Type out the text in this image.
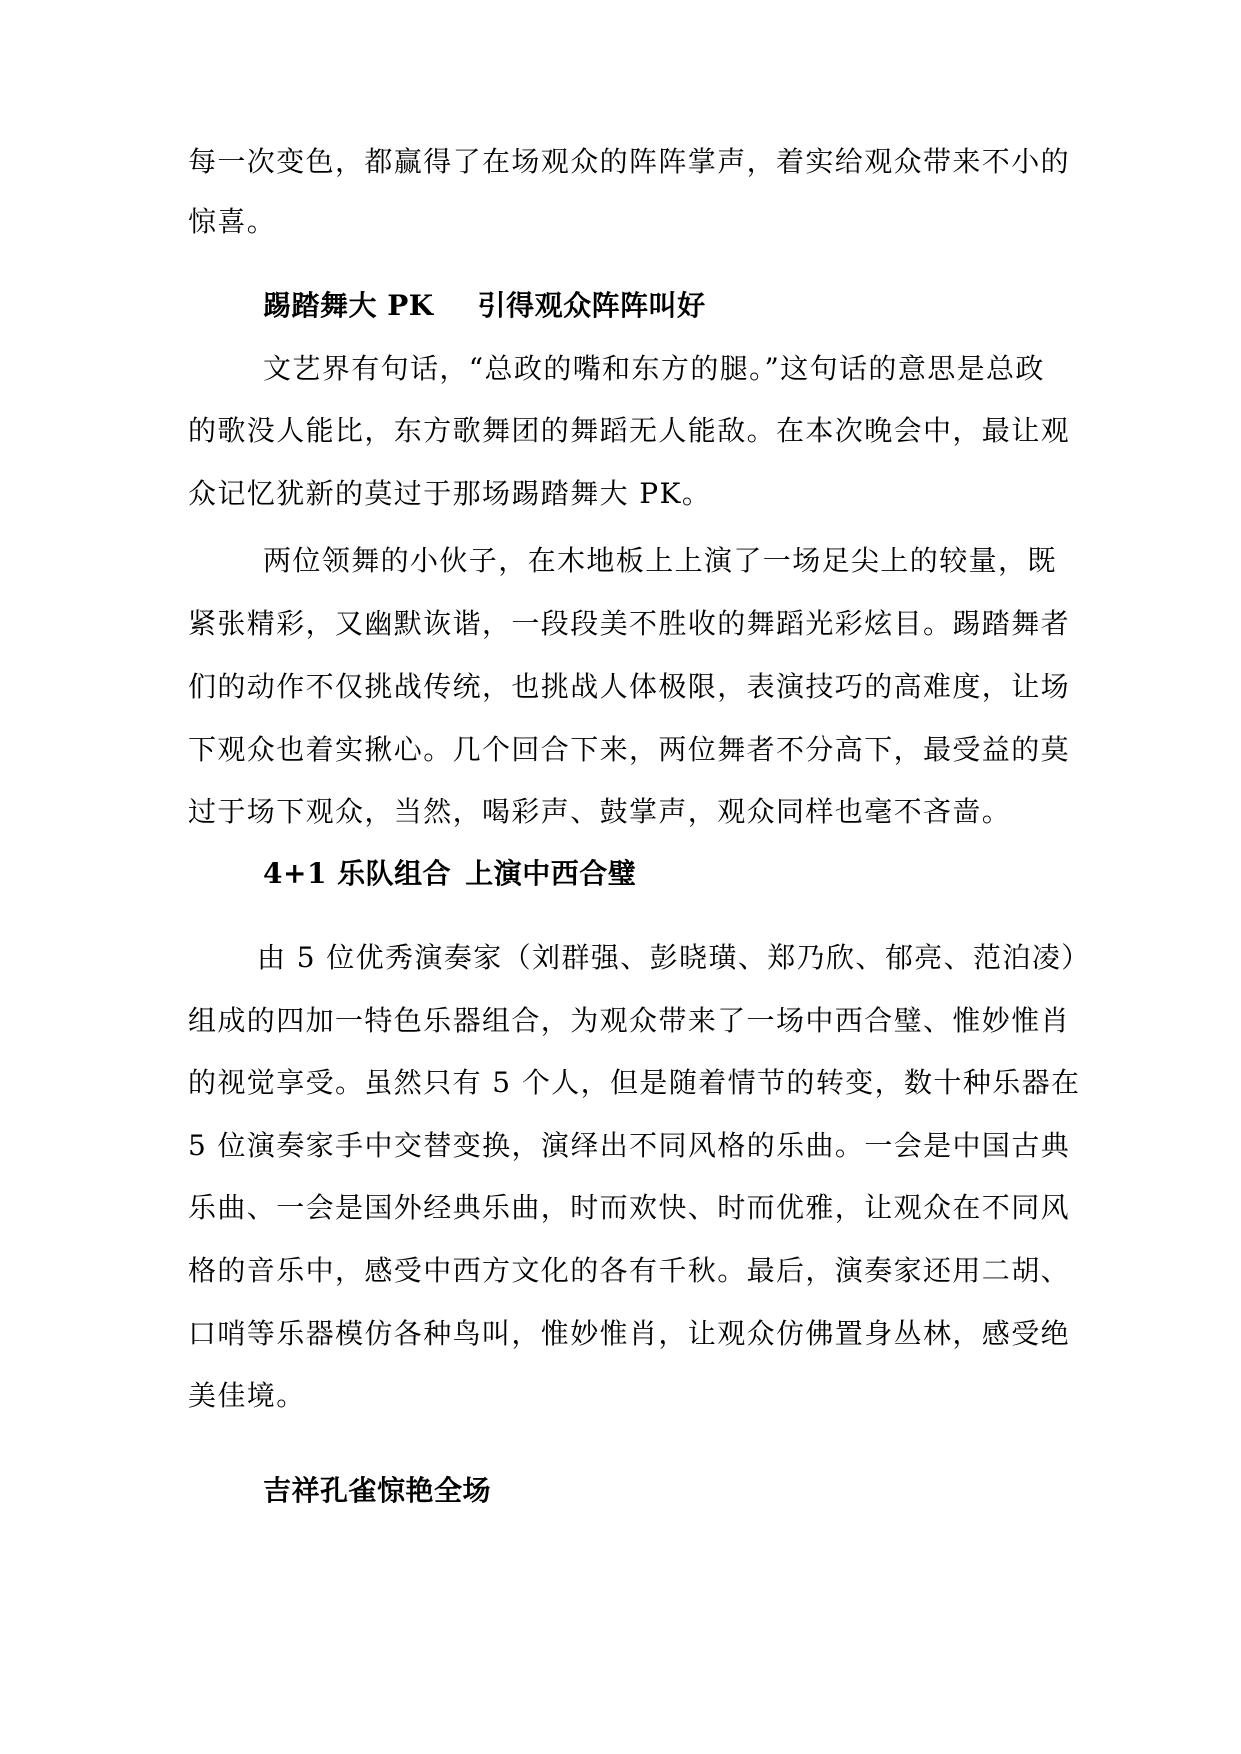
每一次变色，都赢得了在场观众的阵阵掌声，着实给观众带来不小的
惊喜。
踢踏舞大 PK 引得观众阵阵叫好
文艺界有句话，“总政的嘴和东方的腿。”这句话的意思是总政
的歌没人能比，东方歌舞团的舞蹈无人能敌。在本次晚会中，最让观
众记忆犹新的莫过于那场踢踏舞大 PK。
两位领舞的小伙子，在木地板上上演了一场足尖上的较量，既
紧张精彩，又幽默诙谐，一段段美不胜收的舞蹈光彩炫目。踢踏舞者
们的动作不仅挑战传统，也挑战人体极限，表演技巧的高难度，让场
下观众也着实揪心。几个回合下来，两位舞者不分高下，最受益的莫
过于场下观众，当然，喝彩声、鼓掌声，观众同样也毫不吝啬。
4+1 乐队组合 上演中西合璧
由 5 位优秀演奏家（刘群强、彭晓璜、郑乃欣、郁亮、范泊凌）
组成的四加一特色乐器组合，为观众带来了一场中西合璧、惟妙惟肖
的视觉享受。虽然只有 5 个人，但是随着情节的转变，数十种乐器在
5 位演奏家手中交替变换，演绎出不同风格的乐曲。一会是中国古典
乐曲、一会是国外经典乐曲，时而欢快、时而优雅，让观众在不同风
格的音乐中，感受中西方文化的各有千秋。最后，演奏家还用二胡、
口哨等乐器模仿各种鸟叫，惟妙惟肖，让观众仿佛置身丛林，感受绝
美佳境。
吉祥孔雀惊艳全场
